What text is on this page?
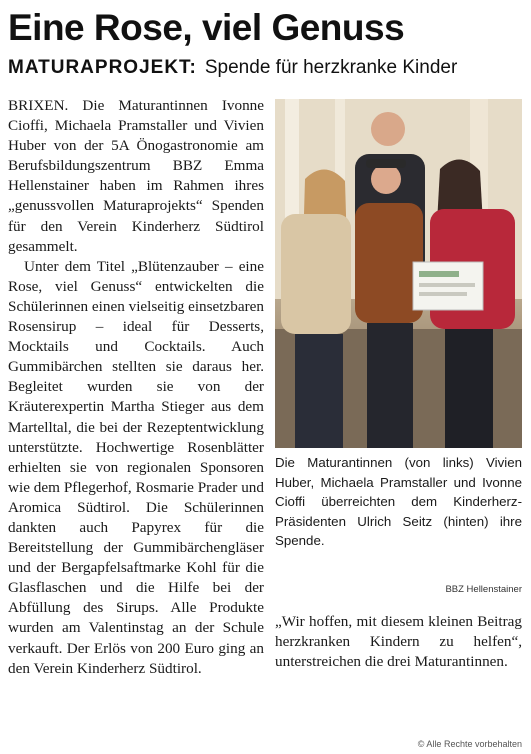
Eine Rose, viel Genuss
MATURAPROJEKT: Spende für herzkranke Kinder

BRIXEN. Die Maturantinnen Ivonne Cioffi, Michaela Pramstaller und Vivien Huber von der 5A Önogastronomie am Berufsbildungszentrum BBZ Emma Hellenstainer haben im Rahmen ihres „genussvollen Maturaprojekts“ Spenden für den Verein Kinderherz Südtirol gesammelt.

Unter dem Titel „Blütenzauber – eine Rose, viel Genuss“ entwickelten die Schülerinnen einen vielseitig einsetzbaren Rosensirup – ideal für Desserts, Mocktails und Cocktails. Auch Gummibärchen stellten sie daraus her. Begleitet wurden sie von der Kräuterexpertin Martha Stieger aus dem Martelltal, die bei der Rezeptentwicklung unterstützte. Hochwertige Rosenblätter erhielten sie von regionalen Sponsoren wie dem Pflegerhof, Rosmarie Prader und Aromica Südtirol. Die Schülerinnen dankten auch Papyrex für die Bereitstellung der Gummibärchengläser und der Bergapfelsaftmarke Kohl für die Glasflaschen und die Hilfe bei der Abfüllung des Sirups. Alle Produkte wurden am Valentinstag an der Schule verkauft. Der Erlös von 200 Euro ging an den Verein Kinderherz Südtirol.

Die Maturantinnen (von links) Vivien Huber, Michaela Pramstaller und Ivonne Cioffi überreichten dem Kinderherz-Präsidenten Ulrich Seitz (hinten) ihre Spende.
BBZ Hellenstainer

„Wir hoffen, mit diesem kleinen Beitrag herzkranken Kindern zu helfen“, unterstreichen die drei Maturantinnen.

© Alle Rechte vorbehalten
